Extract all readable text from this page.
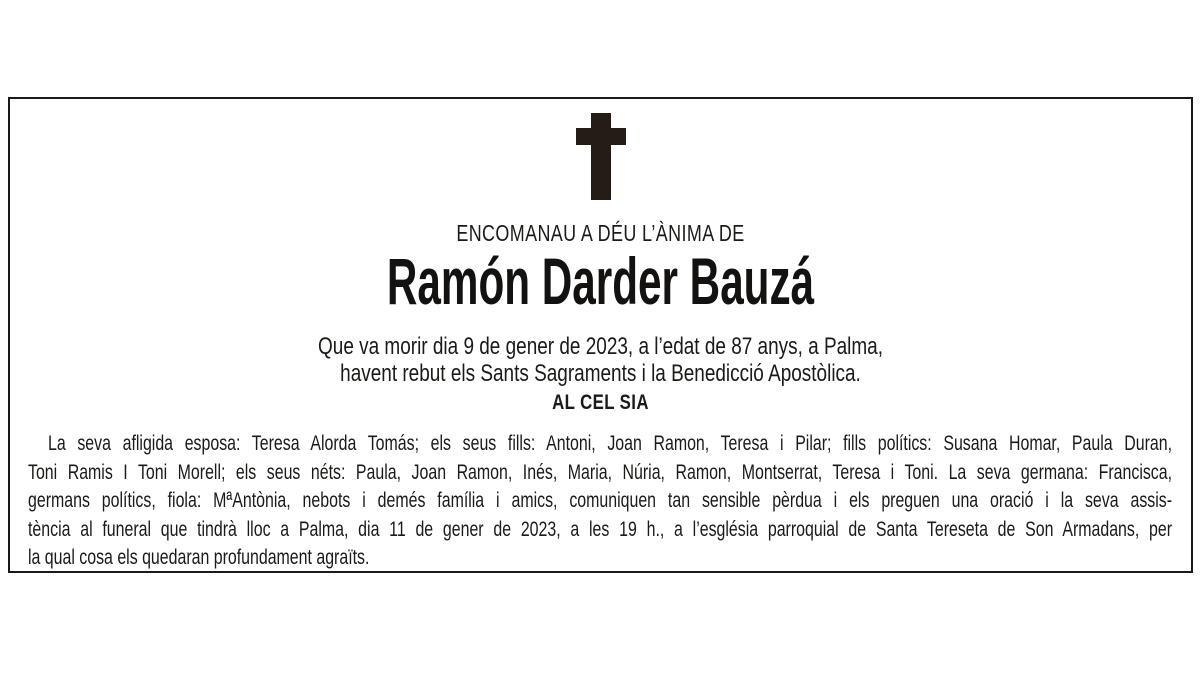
ENCOMANAU A DÉU L’ÀNIMA DE
Ramón Darder Bauzá
Que va morir dia 9 de gener de 2023, a l’edat de 87 anys, a Palma,
havent rebut els Sants Sagraments i la Benedicció Apostòlica.
AL CEL SIA
La seva afligida esposa: Teresa Alorda Tomás; els seus fills: Antoni, Joan Ramon, Teresa i Pilar; fills polítics: Susana Homar, Paula Duran,
Toni Ramis I Toni Morell; els seus néts: Paula, Joan Ramon, Inés, Maria, Núria, Ramon, Montserrat, Teresa i Toni. La seva germana: Francisca,
germans polítics, fiola: MªAntònia, nebots i demés família i amics, comuniquen tan sensible pèrdua i els preguen una oració i la seva assis-
tència al funeral que tindrà lloc a Palma, dia 11 de gener de 2023, a les 19 h., a l’església parroquial de Santa Tereseta de Son Armadans, per
la qual cosa els quedaran profundament agraïts.
